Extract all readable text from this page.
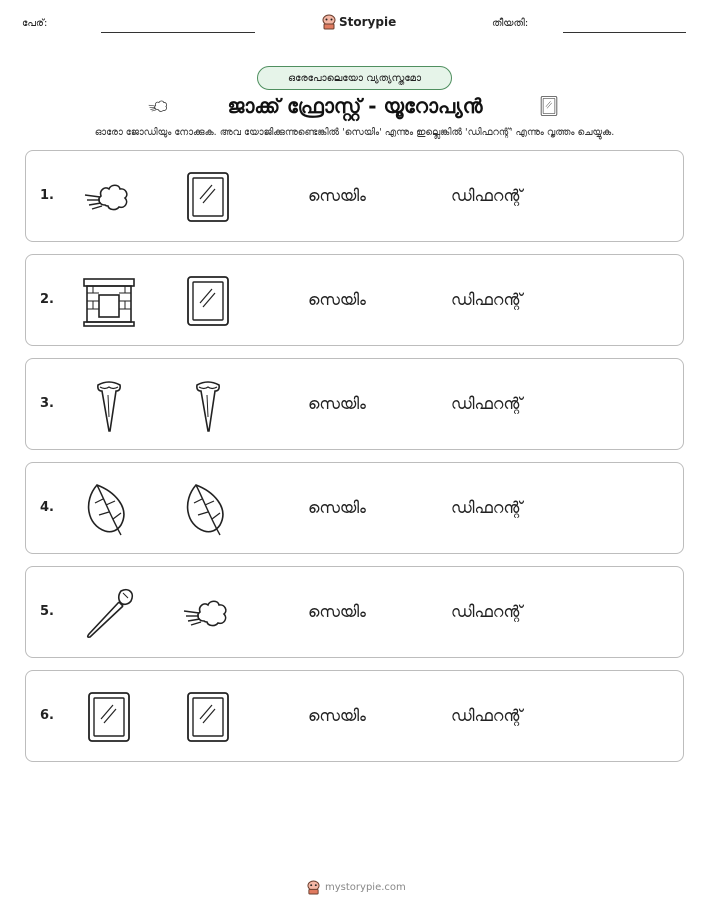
പേര്:	Storypie	തീയതി:
ഒരേപോലെയോ വ്യത്യസ്തമോ
ജാക്ക് ഫ്രോസ്റ്റ് - യൂറോപ്യൻ
ഓരോ ജോഡിയും നോക്കുക. അവ യോജിക്കുന്നുണ്ടെങ്കിൽ 'സെയിം' എന്നും ഇല്ലെങ്കിൽ 'ഡിഫറന്റ്' എന്നും വൃത്തം ചെയ്യുക.
1.	സെയിം	ഡിഫറന്റ്
2.	സെയിം	ഡിഫറന്റ്
3.	സെയിം	ഡിഫറന്റ്
4.	സെയിം	ഡിഫറന്റ്
5.	സെയിം	ഡിഫറന്റ്
6.	സെയിം	ഡിഫറന്റ്
mystorypie.com
